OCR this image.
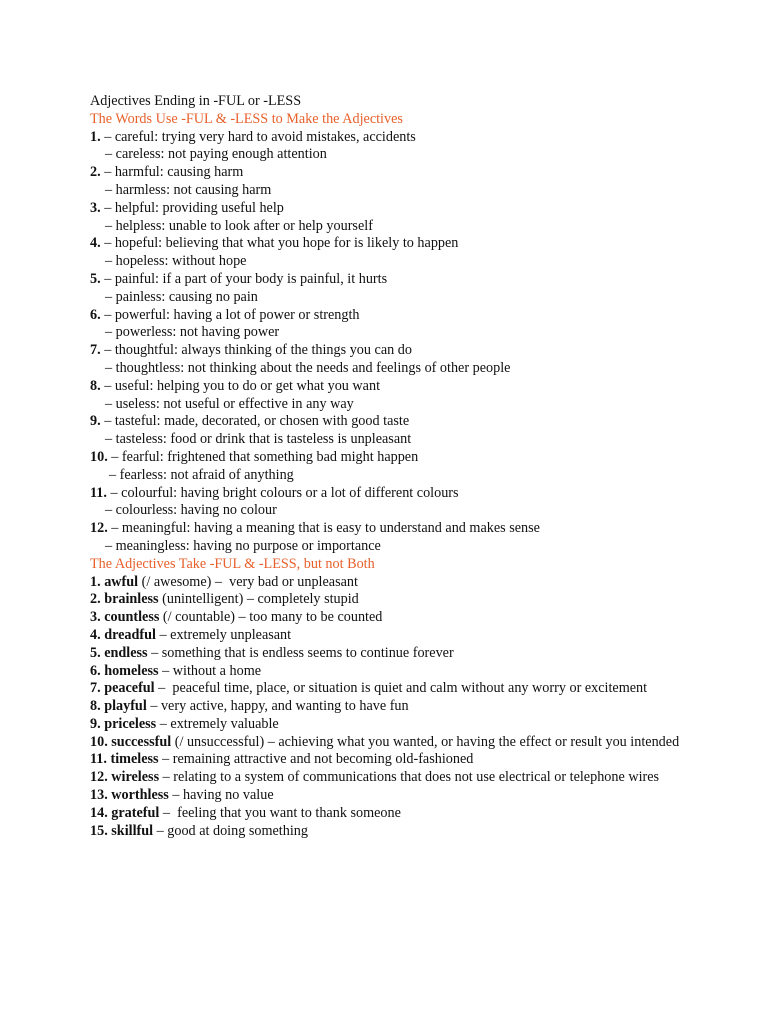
Adjectives Ending in -FUL or -LESS
The Words Use -FUL & -LESS to Make the Adjectives
1. – careful: trying very hard to avoid mistakes, accidents
– careless: not paying enough attention
2. – harmful: causing harm
– harmless: not causing harm
3. – helpful: providing useful help
– helpless: unable to look after or help yourself
4. – hopeful: believing that what you hope for is likely to happen
– hopeless: without hope
5. – painful: if a part of your body is painful, it hurts
– painless: causing no pain
6. – powerful: having a lot of power or strength
– powerless: not having power
7. – thoughtful: always thinking of the things you can do
– thoughtless: not thinking about the needs and feelings of other people
8. – useful: helping you to do or get what you want
– useless: not useful or effective in any way
9. – tasteful: made, decorated, or chosen with good taste
– tasteless: food or drink that is tasteless is unpleasant
10. – fearful: frightened that something bad might happen
– fearless: not afraid of anything
11. – colourful: having bright colours or a lot of different colours
– colourless: having no colour
12. – meaningful: having a meaning that is easy to understand and makes sense
– meaningless: having no purpose or importance
The Adjectives Take -FUL & -LESS, but not Both
1. awful (/ awesome) –  very bad or unpleasant
2. brainless (unintelligent) – completely stupid
3. countless (/ countable) – too many to be counted
4. dreadful – extremely unpleasant
5. endless – something that is endless seems to continue forever
6. homeless – without a home
7. peaceful –  peaceful time, place, or situation is quiet and calm without any worry or excitement
8. playful – very active, happy, and wanting to have fun
9. priceless – extremely valuable
10. successful (/ unsuccessful) – achieving what you wanted, or having the effect or result you intended
11. timeless – remaining attractive and not becoming old-fashioned
12. wireless – relating to a system of communications that does not use electrical or telephone wires
13. worthless – having no value
14. grateful –  feeling that you want to thank someone
15. skillful – good at doing something
